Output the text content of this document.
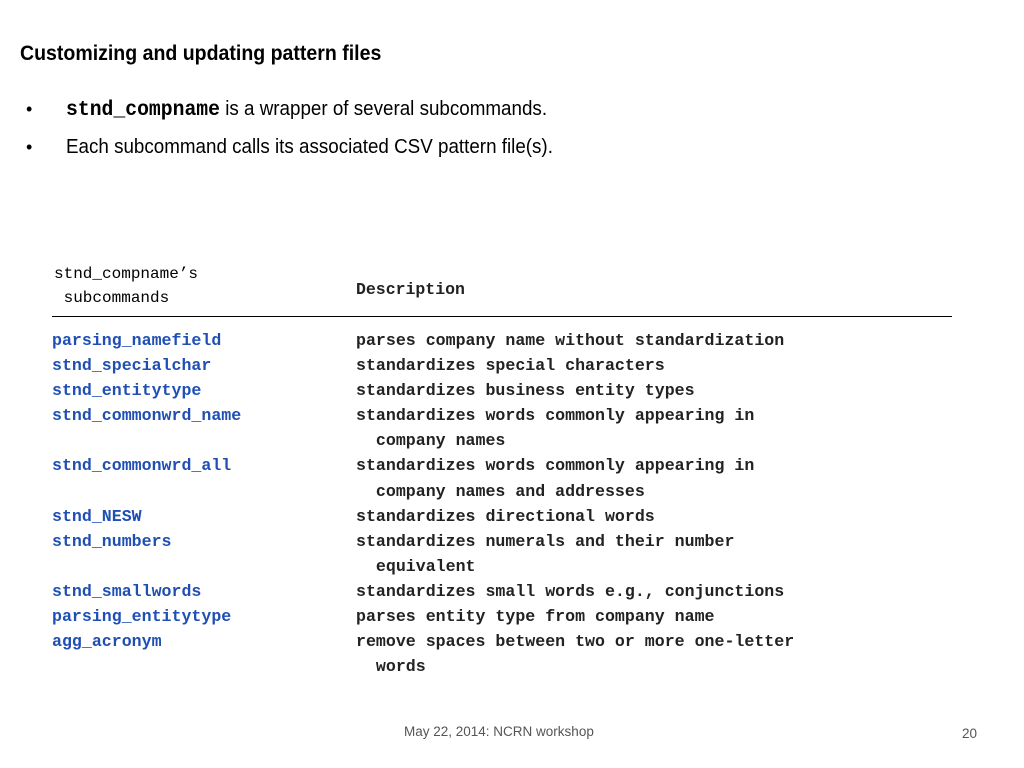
Customizing and updating pattern files
•	stnd_compname is a wrapper of several subcommands.
•	Each subcommand calls its associated CSV pattern file(s).
stnd_compname’s
subcommands	Description
parsing_namefield	parses company name without standardization
stnd_specialchar	standardizes special characters
stnd_entitytype	standardizes business entity types
stnd_commonwrd_name	standardizes words commonly appearing in
company names
stnd_commonwrd_all	standardizes words commonly appearing in
company names and addresses
stnd_NESW	standardizes directional words
stnd_numbers	standardizes numerals and their number
equivalent
stnd_smallwords	standardizes small words e.g., conjunctions
parsing_entitytype	parses entity type from company name
agg_acronym	remove spaces between two or more one-letter
words
May 22, 2014: NCRN workshop	20
